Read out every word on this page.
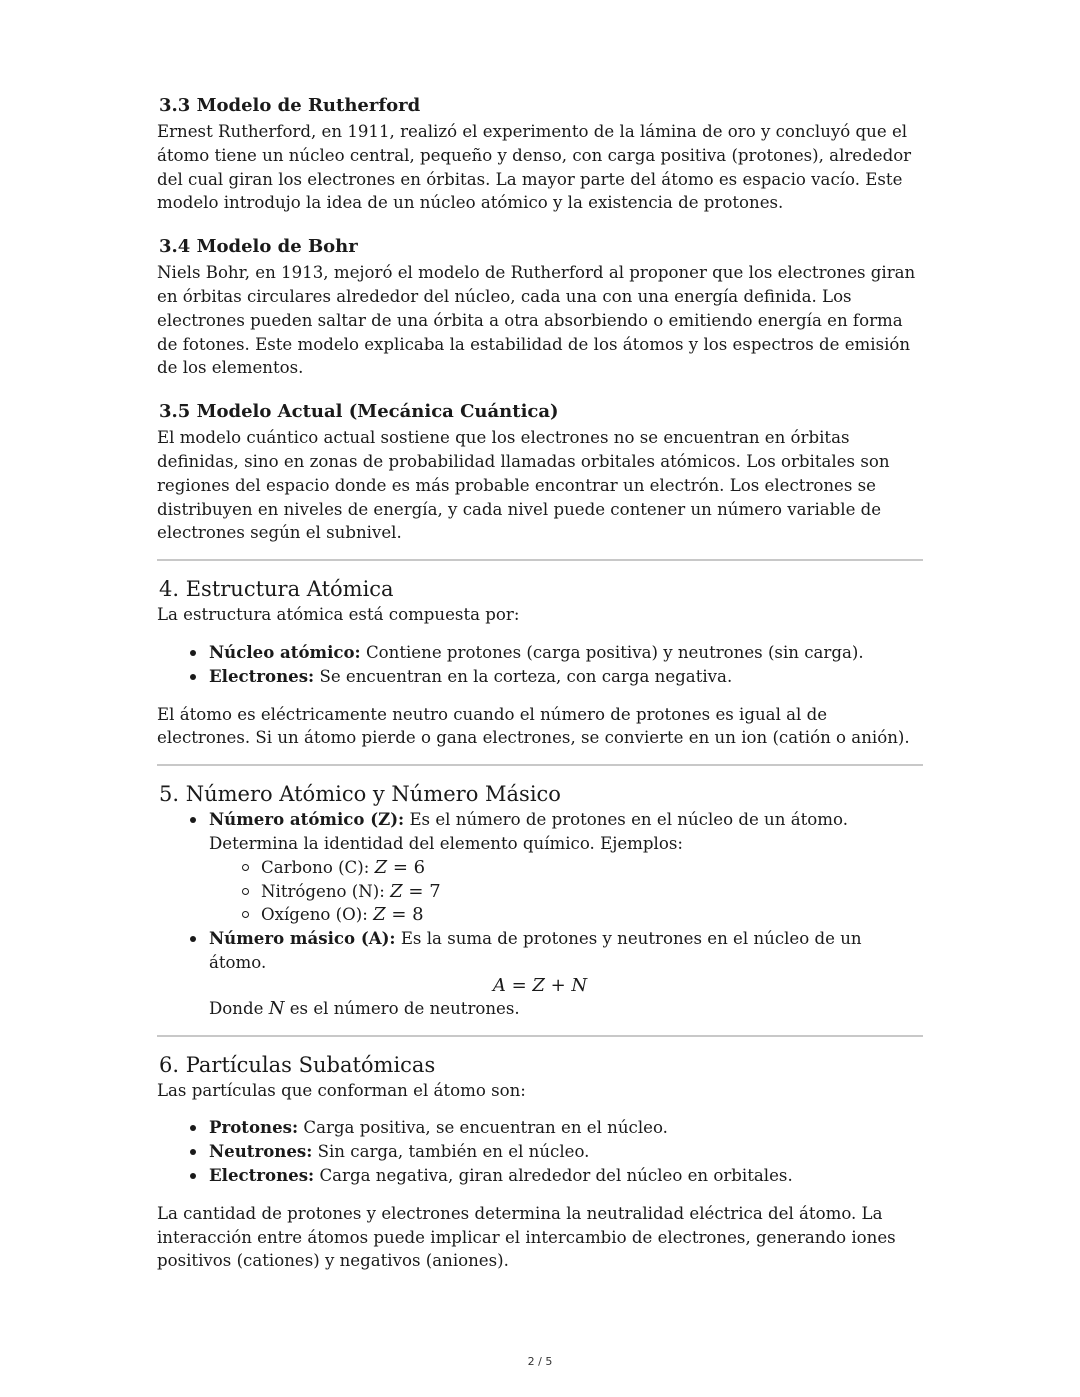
3.3 Modelo de Rutherford

Ernest Rutherford, en 1911, realizó el experimento de la lámina de oro y concluyó que el átomo tiene un núcleo central, pequeño y denso, con carga positiva (protones), alrededor del cual giran los electrones en órbitas. La mayor parte del átomo es espacio vacío. Este modelo introdujo la idea de un núcleo atómico y la existencia de protones.

3.4 Modelo de Bohr

Niels Bohr, en 1913, mejoró el modelo de Rutherford al proponer que los electrones giran en órbitas circulares alrededor del núcleo, cada una con una energía definida. Los electrones pueden saltar de una órbita a otra absorbiendo o emitiendo energía en forma de fotones. Este modelo explicaba la estabilidad de los átomos y los espectros de emisión de los elementos.

3.5 Modelo Actual (Mecánica Cuántica)

El modelo cuántico actual sostiene que los electrones no se encuentran en órbitas definidas, sino en zonas de probabilidad llamadas orbitales atómicos. Los orbitales son regiones del espacio donde es más probable encontrar un electrón. Los electrones se distribuyen en niveles de energía, y cada nivel puede contener un número variable de electrones según el subnivel.

4. Estructura Atómica

La estructura atómica está compuesta por:

Núcleo atómico: Contiene protones (carga positiva) y neutrones (sin carga).
Electrones: Se encuentran en la corteza, con carga negativa.

El átomo es eléctricamente neutro cuando el número de protones es igual al de electrones. Si un átomo pierde o gana electrones, se convierte en un ion (catión o anión).

5. Número Atómico y Número Másico
Número atómico (Z): Es el número de protones en el núcleo de un átomo. Determina la identidad del elemento químico. Ejemplos:
Carbono (C): Z = 6
Nitrógeno (N): Z = 7
Oxígeno (O): Z = 8
Número másico (A): Es la suma de protones y neutrones en el núcleo de un átomo.
A = Z + N
Donde N es el número de neutrones.
6. Partículas Subatómicas

Las partículas que conforman el átomo son:

Protones: Carga positiva, se encuentran en el núcleo.
Neutrones: Sin carga, también en el núcleo.
Electrones: Carga negativa, giran alrededor del núcleo en orbitales.

La cantidad de protones y electrones determina la neutralidad eléctrica del átomo. La interacción entre átomos puede implicar el intercambio de electrones, generando iones positivos (cationes) y negativos (aniones).

2 / 5
